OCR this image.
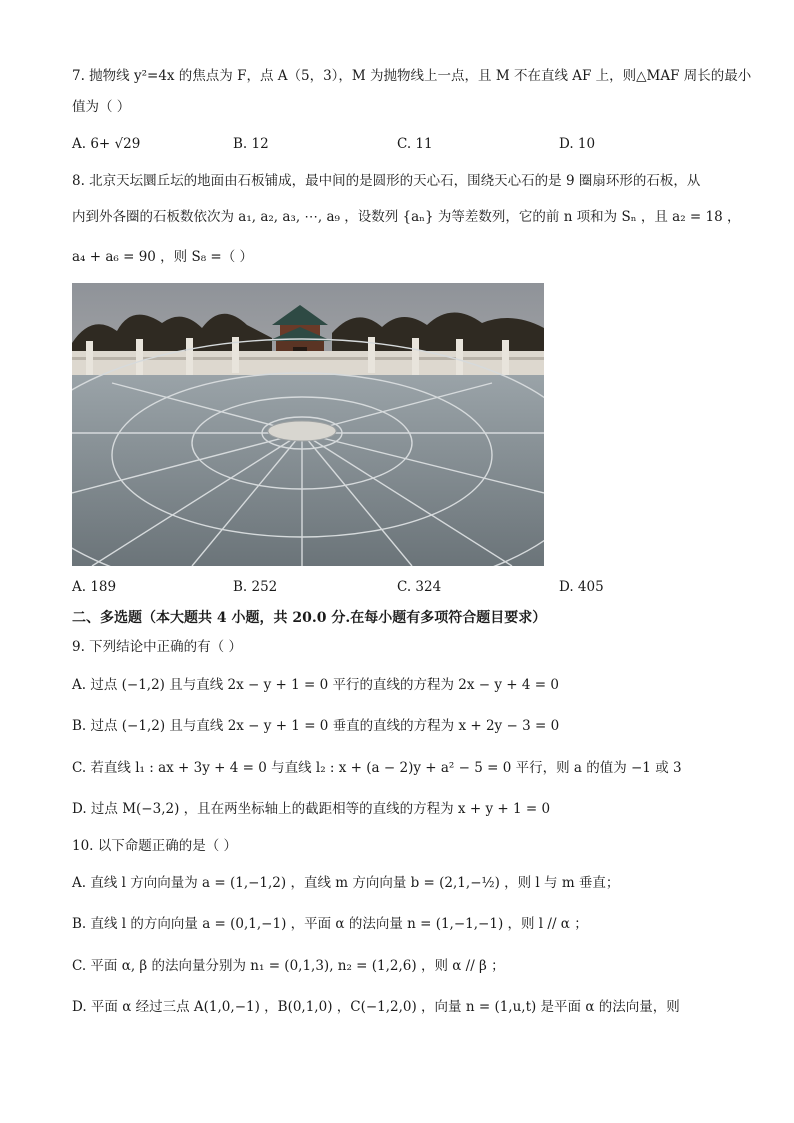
7. 抛物线 y²=4x 的焦点为 F，点 A（5，3），M 为抛物线上一点，且 M 不在直线 AF 上，则△MAF 周长的最小
值为（ ）
A. 6+ √29	B. 12	C. 11	D. 10
8. 北京天坛圜丘坛的地面由石板铺成，最中间的是圆形的天心石，围绕天心石的是 9 圈扇环形的石板，从
内到外各圈的石板数依次为 a₁, a₂, a₃, ⋯, a₉ ，设数列 {aₙ} 为等差数列，它的前 n 项和为 Sₙ ，且 a₂ = 18 ，
a₄ + a₆ = 90 ，则 S₈ =（ ）
A. 189	B. 252	C. 324	D. 405
二、多选题（本大题共 4 小题，共 20.0 分.在每小题有多项符合题目要求）
9. 下列结论中正确的有（ ）
A. 过点 (−1,2) 且与直线 2x − y + 1 = 0 平行的直线的方程为 2x − y + 4 = 0
B. 过点 (−1,2) 且与直线 2x − y + 1 = 0 垂直的直线的方程为 x + 2y − 3 = 0
C. 若直线 l₁ : ax + 3y + 4 = 0 与直线 l₂ : x + (a − 2)y + a² − 5 = 0 平行，则 a 的值为 −1 或 3
D. 过点 M(−3,2) ，且在两坐标轴上的截距相等的直线的方程为 x + y + 1 = 0
10. 以下命题正确的是（ ）
A. 直线 l 方向向量为 a = (1,−1,2) ，直线 m 方向向量 b = (2,1,−½) ，则 l 与 m 垂直；
B. 直线 l 的方向向量 a = (0,1,−1) ，平面 α 的法向量 n = (1,−1,−1) ，则 l // α ；
C. 平面 α, β 的法向量分别为 n₁ = (0,1,3), n₂ = (1,2,6) ，则 α // β ；
D. 平面 α 经过三点 A(1,0,−1) ，B(0,1,0) ，C(−1,2,0) ，向量 n = (1,u,t) 是平面 α 的法向量，则
